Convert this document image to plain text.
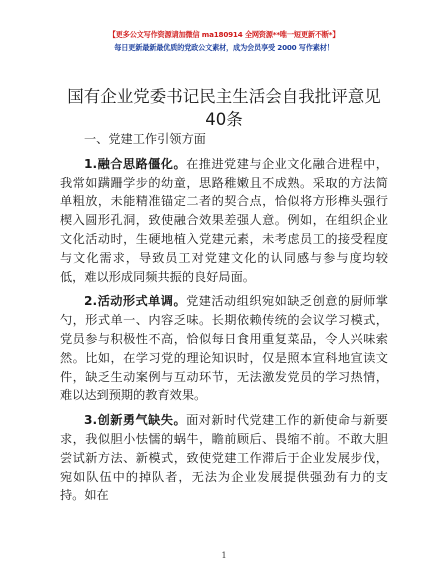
【更多公文写作资源请加微信 ma180914 全网资源**唯一短更新不断*】
每日更新最新最优质的党政公文素材，成为会员享受 2000 写作素材！
国有企业党委书记民主生活会自我批评意见40条

一、党建工作引领方面

1.融合思路僵化。在推进党建与企业文化融合进程中，我常如蹒跚学步的幼童，思路稚嫩且不成熟。采取的方法简单粗放，未能精准锚定二者的契合点，恰似将方形榫头强行楔入圆形孔洞，致使融合效果差强人意。例如，在组织企业文化活动时，生硬地植入党建元素，未考虑员工的接受程度与文化需求，导致员工对党建文化的认同感与参与度均较低，难以形成同频共振的良好局面。

2.活动形式单调。党建活动组织宛如缺乏创意的厨师掌勺，形式单一、内容乏味。长期依赖传统的会议学习模式，党员参与积极性不高，恰似每日食用重复菜品，令人兴味索然。比如，在学习党的理论知识时，仅是照本宣科地宣读文件，缺乏生动案例与互动环节，无法激发党员的学习热情，难以达到预期的教育效果。

3.创新勇气缺失。面对新时代党建工作的新使命与新要求，我似胆小怯懦的蜗牛，瞻前顾后、畏缩不前。不敢大胆尝试新方法、新模式，致使党建工作滞后于企业发展步伐，宛如队伍中的掉队者，无法为企业发展提供强劲有力的支持。如在

1
